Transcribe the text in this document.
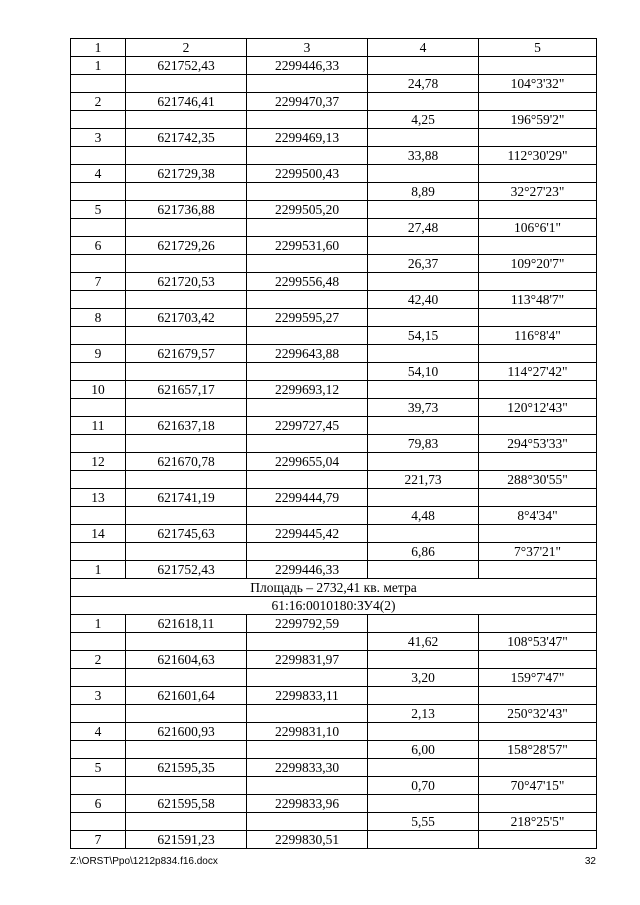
1	2	3	4	5
1	621752,43	2299446,33		
			24,78	104°3'32"
2	621746,41	2299470,37		
			4,25	196°59'2"
3	621742,35	2299469,13		
			33,88	112°30'29"
4	621729,38	2299500,43		
			8,89	32°27'23"
5	621736,88	2299505,20		
			27,48	106°6'1"
6	621729,26	2299531,60		
			26,37	109°20'7"
7	621720,53	2299556,48		
			42,40	113°48'7"
8	621703,42	2299595,27		
			54,15	116°8'4"
9	621679,57	2299643,88		
			54,10	114°27'42"
10	621657,17	2299693,12		
			39,73	120°12'43"
11	621637,18	2299727,45		
			79,83	294°53'33"
12	621670,78	2299655,04		
			221,73	288°30'55"
13	621741,19	2299444,79		
			4,48	8°4'34"
14	621745,63	2299445,42		
			6,86	7°37'21"
1	621752,43	2299446,33		
Площадь – 2732,41 кв. метра				
61:16:0010180:ЗУ4(2)				
1	621618,11	2299792,59		
			41,62	108°53'47"
2	621604,63	2299831,97		
			3,20	159°7'47"
3	621601,64	2299833,11		
			2,13	250°32'43"
4	621600,93	2299831,10		
			6,00	158°28'57"
5	621595,35	2299833,30		
			0,70	70°47'15"
6	621595,58	2299833,96		
			5,55	218°25'5"
7	621591,23	2299830,51		
Z:\ORST\Ppo\1212p834.f16.docx	32
